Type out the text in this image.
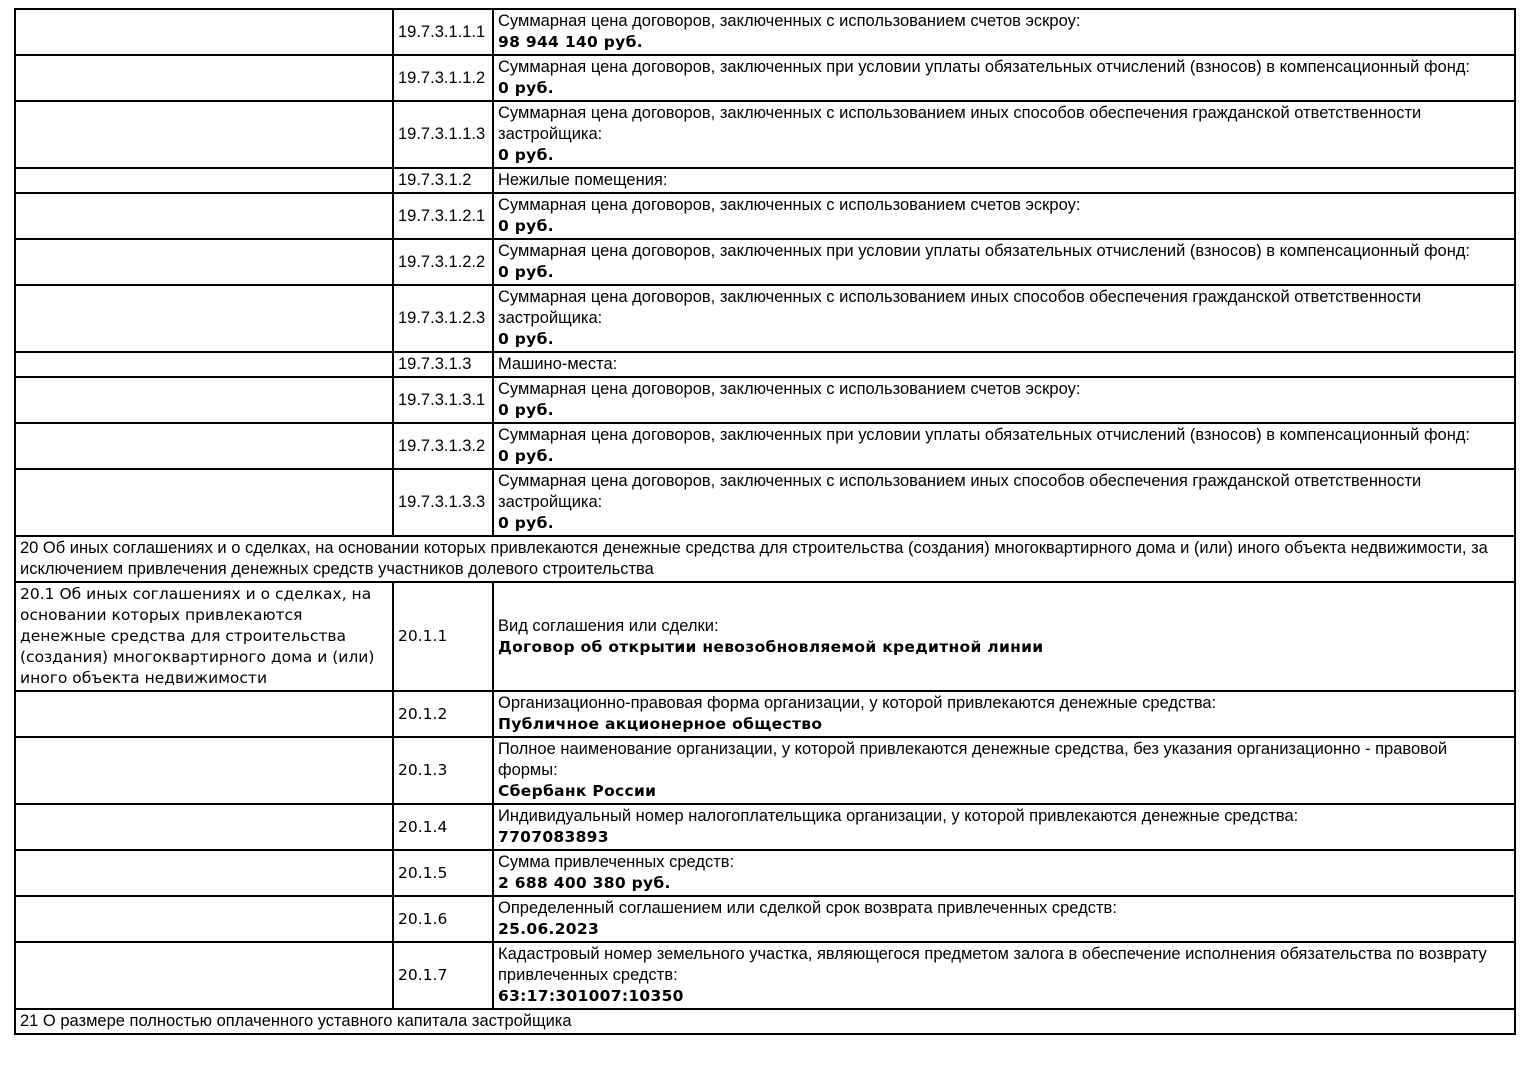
	19.7.3.1.1.1	Суммарная цена договоров, заключенных с использованием счетов эскроу:
98 944 140 руб.

	19.7.3.1.1.2	Суммарная цена договоров, заключенных при условии уплаты обязательных отчислений (взносов) в компенсационный фонд:
0 руб.

	19.7.3.1.1.3	Суммарная цена договоров, заключенных с использованием иных способов обеспечения гражданской ответственности застройщика:
0 руб.

	19.7.3.1.2	Нежилые помещения:

	19.7.3.1.2.1	Суммарная цена договоров, заключенных с использованием счетов эскроу:
0 руб.

	19.7.3.1.2.2	Суммарная цена договоров, заключенных при условии уплаты обязательных отчислений (взносов) в компенсационный фонд:
0 руб.

	19.7.3.1.2.3	Суммарная цена договоров, заключенных с использованием иных способов обеспечения гражданской ответственности застройщика:
0 руб.

	19.7.3.1.3	Машино-места:

	19.7.3.1.3.1	Суммарная цена договоров, заключенных с использованием счетов эскроу:
0 руб.

	19.7.3.1.3.2	Суммарная цена договоров, заключенных при условии уплаты обязательных отчислений (взносов) в компенсационный фонд:
0 руб.

	19.7.3.1.3.3	Суммарная цена договоров, заключенных с использованием иных способов обеспечения гражданской ответственности застройщика:
0 руб.

20 Об иных соглашениях и о сделках, на основании которых привлекаются денежные средства для строительства (создания) многоквартирного дома и (или) иного объекта недвижимости, за исключением привлечения денежных средств участников долевого строительства		
20.1 Об иных соглашениях и о сделках, на основании которых привлекаются денежные средства для строительства (создания) многоквартирного дома и (или) иного объекта недвижимости	20.1.1	Вид соглашения или сделки:
Договор об открытии невозобновляемой кредитной линии

	20.1.2	Организационно-правовая форма организации, у которой привлекаются денежные средства:
Публичное акционерное общество

	20.1.3	Полное наименование организации, у которой привлекаются денежные средства, без указания организационно - правовой формы:
Сбербанк России

	20.1.4	Индивидуальный номер налогоплательщика организации, у которой привлекаются денежные средства:
7707083893

	20.1.5	Сумма привлеченных средств:
2 688 400 380 руб.

	20.1.6	Определенный соглашением или сделкой срок возврата привлеченных средств:
25.06.2023

	20.1.7	Кадастровый номер земельного участка, являющегося предметом залога в обеспечение исполнения обязательства по возврату привлеченных средств:
63:17:301007:10350

21 О размере полностью оплаченного уставного капитала застройщика		
